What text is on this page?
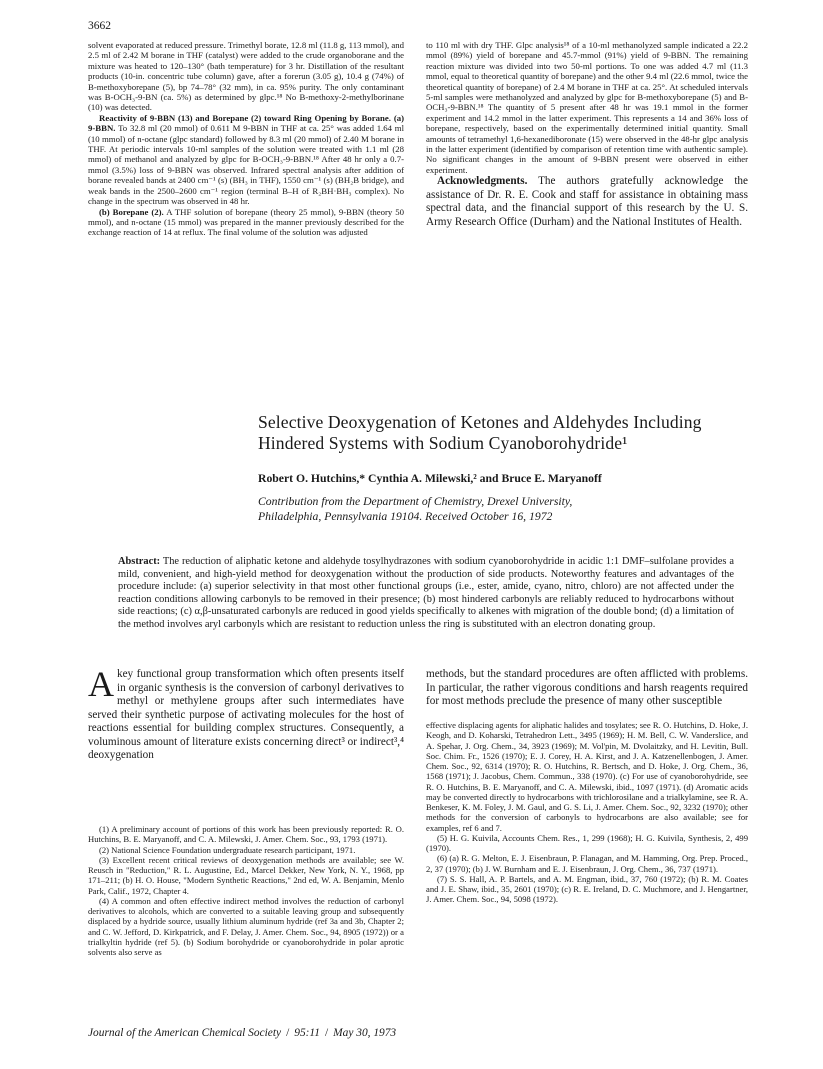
3662

solvent evaporated at reduced pressure. Trimethyl borate, 12.8 ml (11.8 g, 113 mmol), and 2.5 ml of 2.42 M borane in THF (catalyst) were added to the crude organoborane and the mixture was heated to 120–130° (bath temperature) for 3 hr. Distillation of the resultant products (10-in. concentric tube column) gave, after a forerun (3.05 g), 10.4 g (74%) of B-methoxyborepane (5), bp 74–78° (32 mm), in ca. 95% purity. The only contaminant was B-OCH₃-9-BN (ca. 5%) as determined by glpc.¹⁸ No B-methoxy-2-methylborinane (10) was detected.

Reactivity of 9-BBN (13) and Borepane (2) toward Ring Opening by Borane. (a) 9-BBN. To 32.8 ml (20 mmol) of 0.611 M 9-BBN in THF at ca. 25° was added 1.64 ml (10 mmol) of n-octane (glpc standard) followed by 8.3 ml (20 mmol) of 2.40 M borane in THF. At periodic intervals 10-ml samples of the solution were treated with 1.1 ml (28 mmol) of methanol and analyzed by glpc for B-OCH₃-9-BBN.¹⁸ After 48 hr only a 0.7-mmol (3.5%) loss of 9-BBN was observed. Infrared spectral analysis after addition of borane revealed bands at 2400 cm⁻¹ (s) (BH₃ in THF), 1550 cm⁻¹ (s) (BH₂B bridge), and weak bands in the 2500–2600 cm⁻¹ region (terminal B–H of R₂BH·BH₃ complex). No change in the spectrum was observed in 48 hr.

(b) Borepane (2). A THF solution of borepane (theory 25 mmol), 9-BBN (theory 50 mmol), and n-octane (15 mmol) was prepared in the manner previously described for the exchange reaction of 14 at reflux. The final volume of the solution was adjusted

to 110 ml with dry THF. Glpc analysis¹⁸ of a 10-ml methanolyzed sample indicated a 22.2 mmol (89%) yield of borepane and 45.7-mmol (91%) yield of 9-BBN. The remaining reaction mixture was divided into two 50-ml portions. To one was added 4.7 ml (11.3 mmol, equal to theoretical quantity of borepane) and the other 9.4 ml (22.6 mmol, twice the theoretical quantity of borepane) of 2.4 M borane in THF at ca. 25°. At scheduled intervals 5-ml samples were methanolyzed and analyzed by glpc for B-methoxyborepane (5) and B-OCH₃-9-BBN.¹⁸ The quantity of 5 present after 48 hr was 19.1 mmol in the former experiment and 14.2 mmol in the latter experiment. This represents a 14 and 36% loss of borepane, respectively, based on the experimentally determined initial quantity. Small amounts of tetramethyl 1,6-hexanediboronate (15) were observed in the 48-hr glpc analysis in the latter experiment (identified by comparison of retention time with authentic sample). No significant changes in the amount of 9-BBN present were observed in either experiment.

Acknowledgments. The authors gratefully acknowledge the assistance of Dr. R. E. Cook and staff for assistance in obtaining mass spectral data, and the financial support of this research by the U. S. Army Research Office (Durham) and the National Institutes of Health.

Selective Deoxygenation of Ketones and Aldehydes Including Hindered Systems with Sodium Cyanoborohydride¹
Robert O. Hutchins,* Cynthia A. Milewski,² and Bruce E. Maryanoff
Contribution from the Department of Chemistry, Drexel University,
Philadelphia, Pennsylvania 19104. Received October 16, 1972
Abstract: The reduction of aliphatic ketone and aldehyde tosylhydrazones with sodium cyanoborohydride in acidic 1:1 DMF–sulfolane provides a mild, convenient, and high-yield method for deoxygenation without the production of side products. Noteworthy features and advantages of the procedure include: (a) superior selectivity in that most other functional groups (i.e., ester, amide, cyano, nitro, chloro) are not affected under the reaction conditions allowing carbonyls to be removed in their presence; (b) most hindered carbonyls are reliably reduced to hydrocarbons without side reactions; (c) α,β-unsaturated carbonyls are reduced in good yields specifically to alkenes with migration of the double bond; (d) a limitation of the method involves aryl carbonyls which are resistant to reduction unless the ring is substituted with an electron donating group.
Akey functional group transformation which often presents itself in organic synthesis is the conversion of carbonyl derivatives to methyl or methylene groups after such intermediates have served their synthetic purpose of activating molecules for the host of reactions essential for building complex structures. Consequently, a voluminous amount of literature exists concerning direct³ or indirect³,⁴ deoxygenation
methods, but the standard procedures are often afflicted with problems. In particular, the rather vigorous conditions and harsh reagents required for most methods preclude the presence of many other susceptible

(1) A preliminary account of portions of this work has been previously reported: R. O. Hutchins, B. E. Maryanoff, and C. A. Milewski, J. Amer. Chem. Soc., 93, 1793 (1971).

(2) National Science Foundation undergraduate research participant, 1971.

(3) Excellent recent critical reviews of deoxygenation methods are available; see W. Reusch in "Reduction," R. L. Augustine, Ed., Marcel Dekker, New York, N. Y., 1968, pp 171–211; (b) H. O. House, "Modern Synthetic Reactions," 2nd ed, W. A. Benjamin, Menlo Park, Calif., 1972, Chapter 4.

(4) A common and often effective indirect method involves the reduction of carbonyl derivatives to alcohols, which are converted to a suitable leaving group and subsequently displaced by a hydride source, usually lithium aluminum hydride (ref 3a and 3b, Chapter 2; and C. W. Jefford, D. Kirkpatrick, and F. Delay, J. Amer. Chem. Soc., 94, 8905 (1972)) or a trialkyltin hydride (ref 5). (b) Sodium borohydride or cyanoborohydride in polar aprotic solvents also serve as

effective displacing agents for aliphatic halides and tosylates; see R. O. Hutchins, D. Hoke, J. Keogh, and D. Koharski, Tetrahedron Lett., 3495 (1969); H. M. Bell, C. W. Vanderslice, and A. Spehar, J. Org. Chem., 34, 3923 (1969); M. Vol'pin, M. Dvolaitzky, and H. Levitin, Bull. Soc. Chim. Fr., 1526 (1970); E. J. Corey, H. A. Kirst, and J. A. Katzenellenbogen, J. Amer. Chem. Soc., 92, 6314 (1970); R. O. Hutchins, R. Bertsch, and D. Hoke, J. Org. Chem., 36, 1568 (1971); J. Jacobus, Chem. Commun., 338 (1970). (c) For use of cyanoborohydride, see R. O. Hutchins, B. E. Maryanoff, and C. A. Milewski, ibid., 1097 (1971). (d) Aromatic acids may be converted directly to hydrocarbons with trichlorosilane and a trialkylamine, see R. A. Benkeser, K. M. Foley, J. M. Gaul, and G. S. Li, J. Amer. Chem. Soc., 92, 3232 (1970); other methods for the conversion of carbonyls to hydrocarbons are also available; see for examples, ref 6 and 7.

(5) H. G. Kuivila, Accounts Chem. Res., 1, 299 (1968); H. G. Kuivila, Synthesis, 2, 499 (1970).

(6) (a) R. G. Melton, E. J. Eisenbraun, P. Flanagan, and M. Hamming, Org. Prep. Proced., 2, 37 (1970); (b) J. W. Burnham and E. J. Eisenbraun, J. Org. Chem., 36, 737 (1971).

(7) S. S. Hall, A. P. Bartels, and A. M. Engman, ibid., 37, 760 (1972); (b) R. M. Coates and J. E. Shaw, ibid., 35, 2601 (1970); (c) R. E. Ireland, D. C. Muchmore, and J. Hengartner, J. Amer. Chem. Soc., 94, 5098 (1972).

Journal of the American Chemical Society / 95:11 / May 30, 1973
